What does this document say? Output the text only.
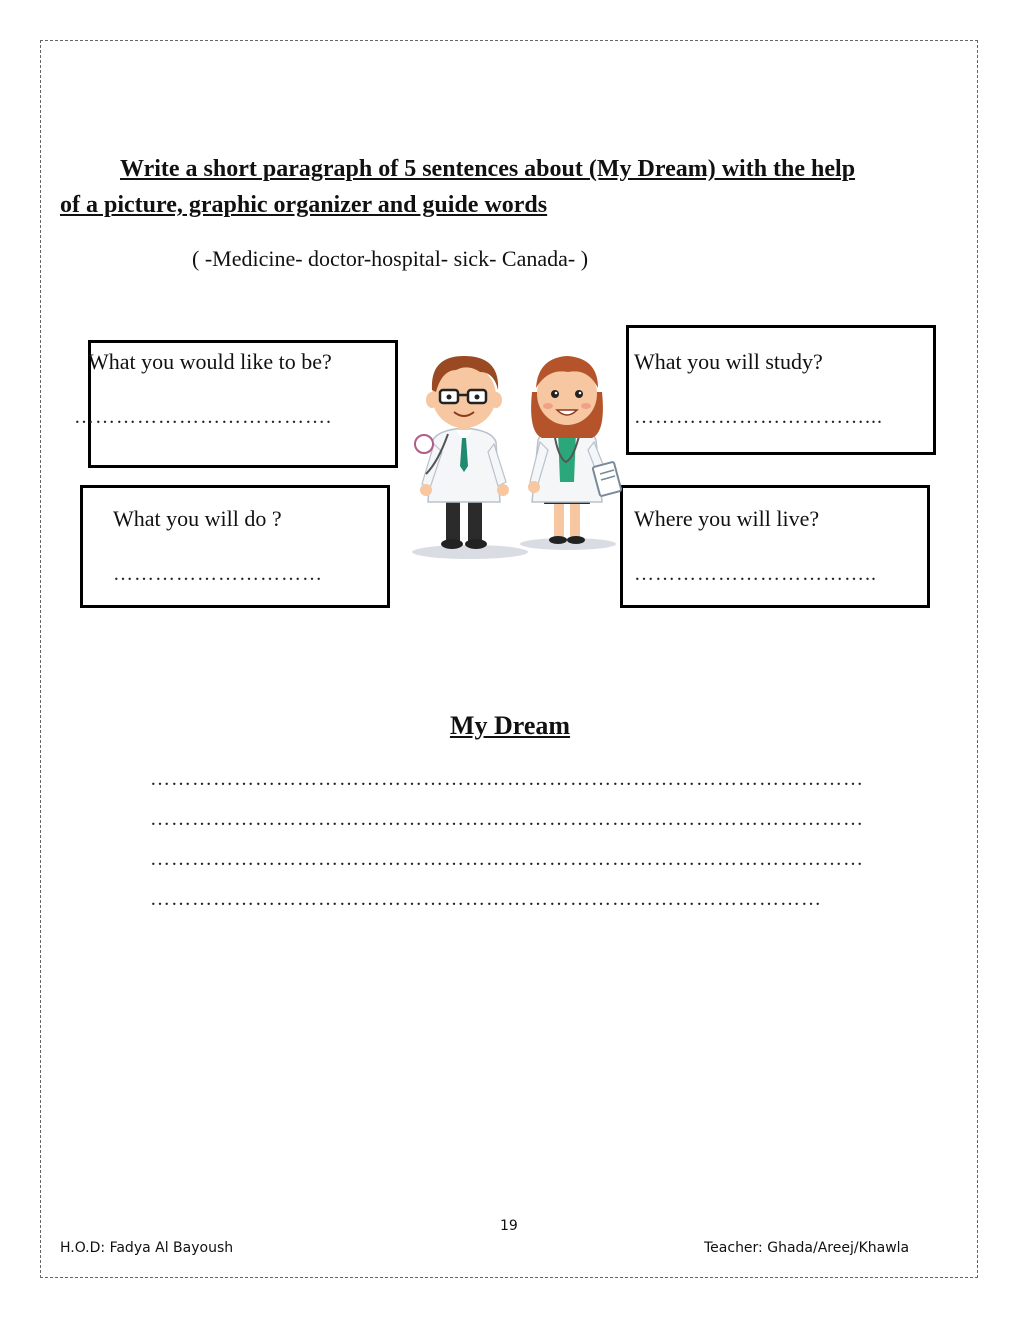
Write a short paragraph of 5 sentences about (My Dream) with the help

of a picture, graphic organizer and guide words

( -Medicine- doctor-hospital- sick- Canada- )
What you would like to be?
……………………………….
What you will study?
……………………………...
What you will do ?
…………………………
Where you will live?
……………………………..

My Dream

…………………………………………………………………………………………
…………………………………………………………………………………………
…………………………………………………………………………………………
……………………………………………………………………………………
19
H.O.D: Fadya Al Bayoush	Teacher: Ghada/Areej/Khawla
